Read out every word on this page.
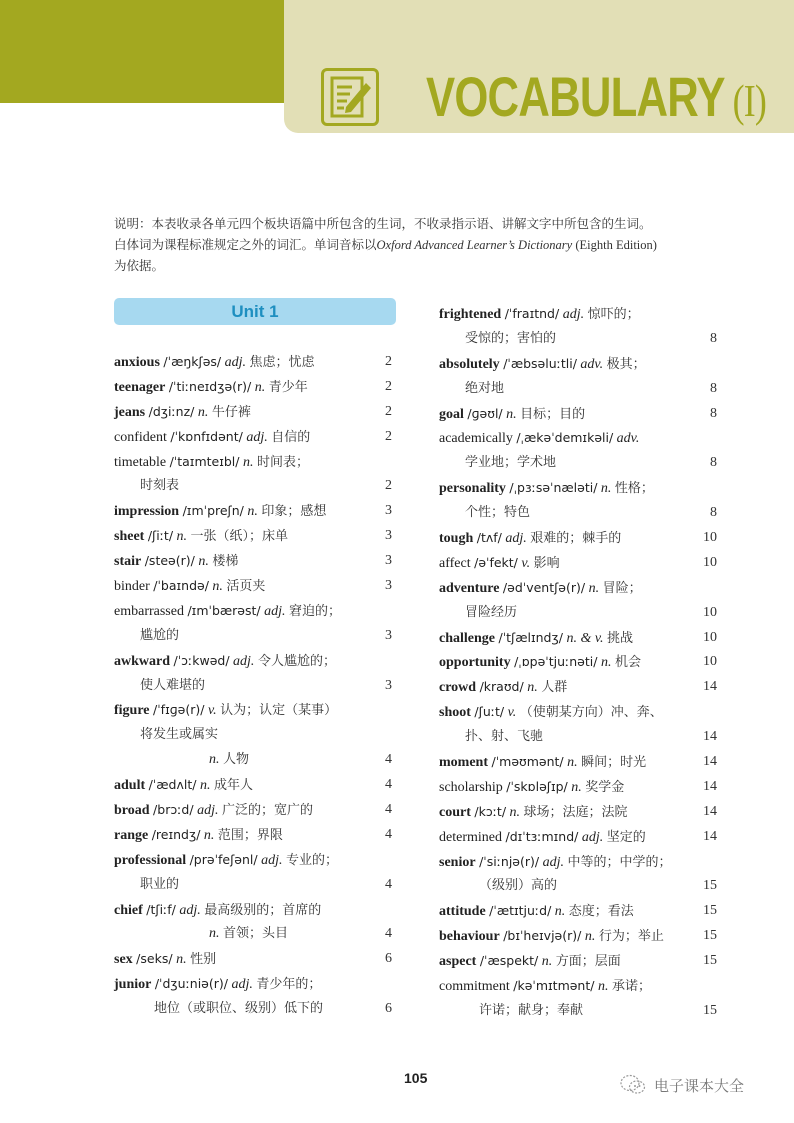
VOCABULARY (I)
说明：本表收录各单元四个板块语篇中所包含的生词，不收录指示语、讲解文字中所包含的生词。
白体词为课程标准规定之外的词汇。单词音标以Oxford Advanced Learner’s Dictionary (Eighth Edition)
为依据。
Unit 1
anxious /ˈæŋkʃəs/ adj. 焦虑；忧虑	2
teenager /ˈtiːneɪdʒə(r)/ n. 青少年	2
jeans /dʒiːnz/ n. 牛仔裤	2
confident /ˈkɒnfɪdənt/ adj. 自信的	2
timetable /ˈtaɪmteɪbl/ n. 时间表；
时刻表	2
impression /ɪmˈpreʃn/ n. 印象；感想	3
sheet /ʃiːt/ n. 一张（纸）；床单	3
stair /steə(r)/ n. 楼梯	3
binder /ˈbaɪndə/ n. 活页夹	3
embarrassed /ɪmˈbærəst/ adj. 窘迫的；
尴尬的	3
awkward /ˈɔːkwəd/ adj. 令人尴尬的；
使人难堪的	3
figure /ˈfɪɡə(r)/ v. 认为；认定（某事）
将发生或属实
n. 人物	4
adult /ˈædʌlt/ n. 成年人	4
broad /brɔːd/ adj. 广泛的；宽广的	4
range /reɪndʒ/ n. 范围；界限	4
professional /prəˈfeʃənl/ adj. 专业的；
职业的	4
chief /tʃiːf/ adj. 最高级别的；首席的
n. 首领；头目	4
sex /seks/ n. 性别	6
junior /ˈdʒuːniə(r)/ adj. 青少年的；
地位（或职位、级别）低下的	6
frightened /ˈfraɪtnd/ adj. 惊吓的；
受惊的；害怕的	8
absolutely /ˈæbsəluːtli/ adv. 极其；
绝对地	8
goal /ɡəʊl/ n. 目标；目的	8
academically /ˌækəˈdemɪkəli/ adv.
学业地；学术地	8
personality /ˌpɜːsəˈnæləti/ n. 性格；
个性；特色	8
tough /tʌf/ adj. 艰难的；棘手的	10
affect /əˈfekt/ v. 影响	10
adventure /ədˈventʃə(r)/ n. 冒险；
冒险经历	10
challenge /ˈtʃælɪndʒ/ n. & v. 挑战	10
opportunity /ˌɒpəˈtjuːnəti/ n. 机会	10
crowd /kraʊd/ n. 人群	14
shoot /ʃuːt/ v. （使朝某方向）冲、奔、
扑、射、飞驰	14
moment /ˈməʊmənt/ n. 瞬间；时光	14
scholarship /ˈskɒləʃɪp/ n. 奖学金	14
court /kɔːt/ n. 球场；法庭；法院	14
determined /dɪˈtɜːmɪnd/ adj. 坚定的	14
senior /ˈsiːnjə(r)/ adj. 中等的；中学的；
（级别）高的	15
attitude /ˈætɪtjuːd/ n. 态度；看法	15
behaviour /bɪˈheɪvjə(r)/ n. 行为；举止	15
aspect /ˈæspekt/ n. 方面；层面	15
commitment /kəˈmɪtmənt/ n. 承诺；
许诺；献身；奉献	15
105	电子课本大全
